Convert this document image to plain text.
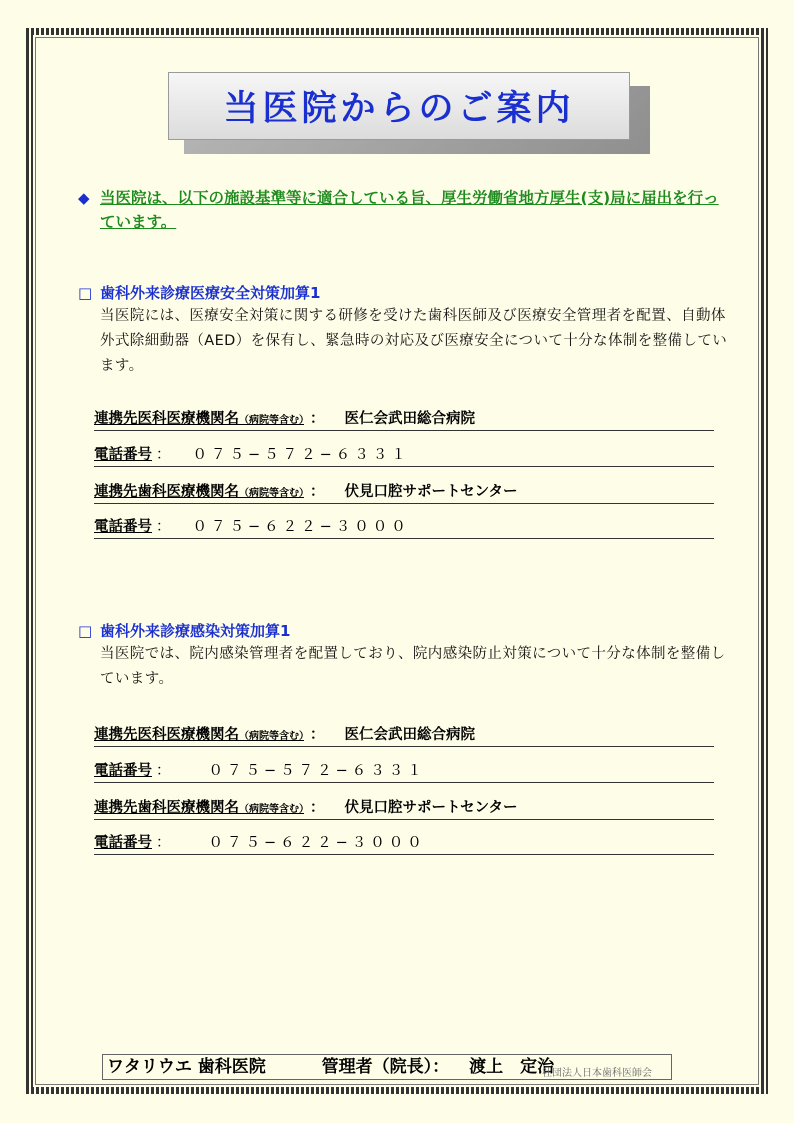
当医院からのご案内
◆ 当医院は、以下の施設基準等に適合している旨、厚生労働省地方厚生(支)局に届出を行っています。
□ 歯科外来診療医療安全対策加算1
当医院には、医療安全対策に関する研修を受けた歯科医師及び医療安全管理者を配置、自動体外式除細動器（AED）を保有し、緊急時の対応及び医療安全について十分な体制を整備しています。
連携先医科医療機関名（病院等含む） ： 医仁会武田総合病院
電話番号 ： ０７５−５７２−６３３１
連携先歯科医療機関名（病院等含む） ： 伏見口腔サポートセンター
電話番号 ： ０７５−６２２−３０００
□ 歯科外来診療感染対策加算1
当医院では、院内感染管理者を配置しており、院内感染防止対策について十分な体制を整備しています。
連携先医科医療機関名（病院等含む） ： 医仁会武田総合病院
電話番号 ：	０７５−５７２−６３３１
連携先歯科医療機関名（病院等含む） ： 伏見口腔サポートセンター
電話番号 ：	０７５−６２２−３０００
ワタリウエ 歯科医院	管理者（院長）： 渡上　定治
社団法人日本歯科医師会
